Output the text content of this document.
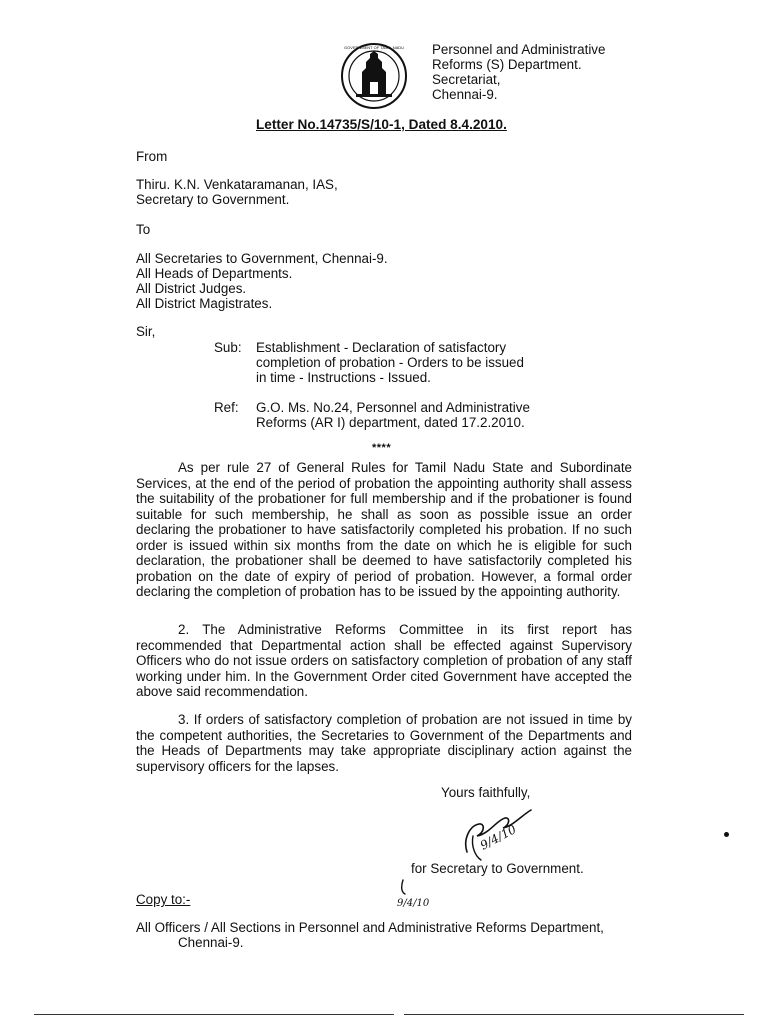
GOVERNMENT OF TAMIL NADU Personnel and Administrative
Reforms (S) Department.
Secretariat,
Chennai-9.
Letter No.14735/S/10-1, Dated 8.4.2010.
From
Thiru. K.N. Venkataramanan, IAS,
Secretary to Government.
To
All Secretaries to Government, Chennai-9.
All Heads of Departments.
All District Judges.
All District Magistrates.
Sir,
Sub: Establishment - Declaration of satisfactory
completion of probation - Orders to be issued
in time - Instructions - Issued.
Ref: G.O. Ms. No.24, Personnel and Administrative
Reforms (AR I) department, dated 17.2.2010.
****

As per rule 27 of General Rules for Tamil Nadu State and Subordinate Services, at the end of the period of probation the appointing authority shall assess the suitability of the probationer for full membership and if the probationer is found suitable for such membership, he shall as soon as possible issue an order declaring the probationer to have satisfactorily completed his probation. If no such order is issued within six months from the date on which he is eligible for such declaration, the probationer shall be deemed to have satisfactorily completed his probation on the date of expiry of period of probation. However, a formal order declaring the completion of probation has to be issued by the appointing authority.

2. The Administrative Reforms Committee in its first report has recommended that Departmental action shall be effected against Supervisory Officers who do not issue orders on satisfactory completion of probation of any staff working under him. In the Government Order cited Government have accepted the above said recommendation.

3. If orders of satisfactory completion of probation are not issued in time by the competent authorities, the Secretaries to Government of the Departments and the Heads of Departments may take appropriate disciplinary action against the supervisory officers for the lapses.

Yours faithfully,
9/4/10
for Secretary to Government.
9/4/10
Copy to:-
All Officers / All Sections in Personnel and Administrative Reforms Department,
Chennai-9.
